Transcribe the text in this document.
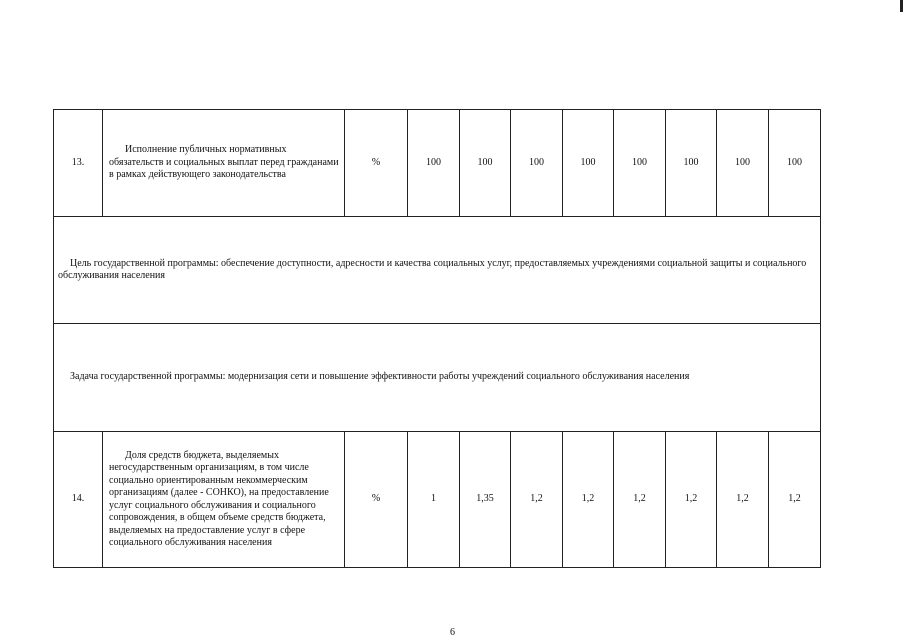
13.	Исполнение публичных нормативных обязательств и социальных выплат перед гражданами в рамках действующего законодательства	%	100	100	100	100	100	100	100	100

Цель государственной программы: обеспечение доступности, адресности и качества социальных услуг, предоставляемых учреждениями социальной защиты и социального обслуживания населения										

Задача государственной программы: модернизация сети и повышение эффективности работы учреждений социального обслуживания населения										

14.	Доля средств бюджета, выделяемых негосударственным организациям, в том числе социально ориентированным некоммерческим организациям (далее - СОНКО), на предоставление услуг социального обслуживания и социального сопровождения, в общем объеме средств бюджета, выделяемых на предоставление услуг в сфере социального обслуживания населения	%	1	1,35	1,2	1,2	1,2	1,2	1,2	1,2
6
